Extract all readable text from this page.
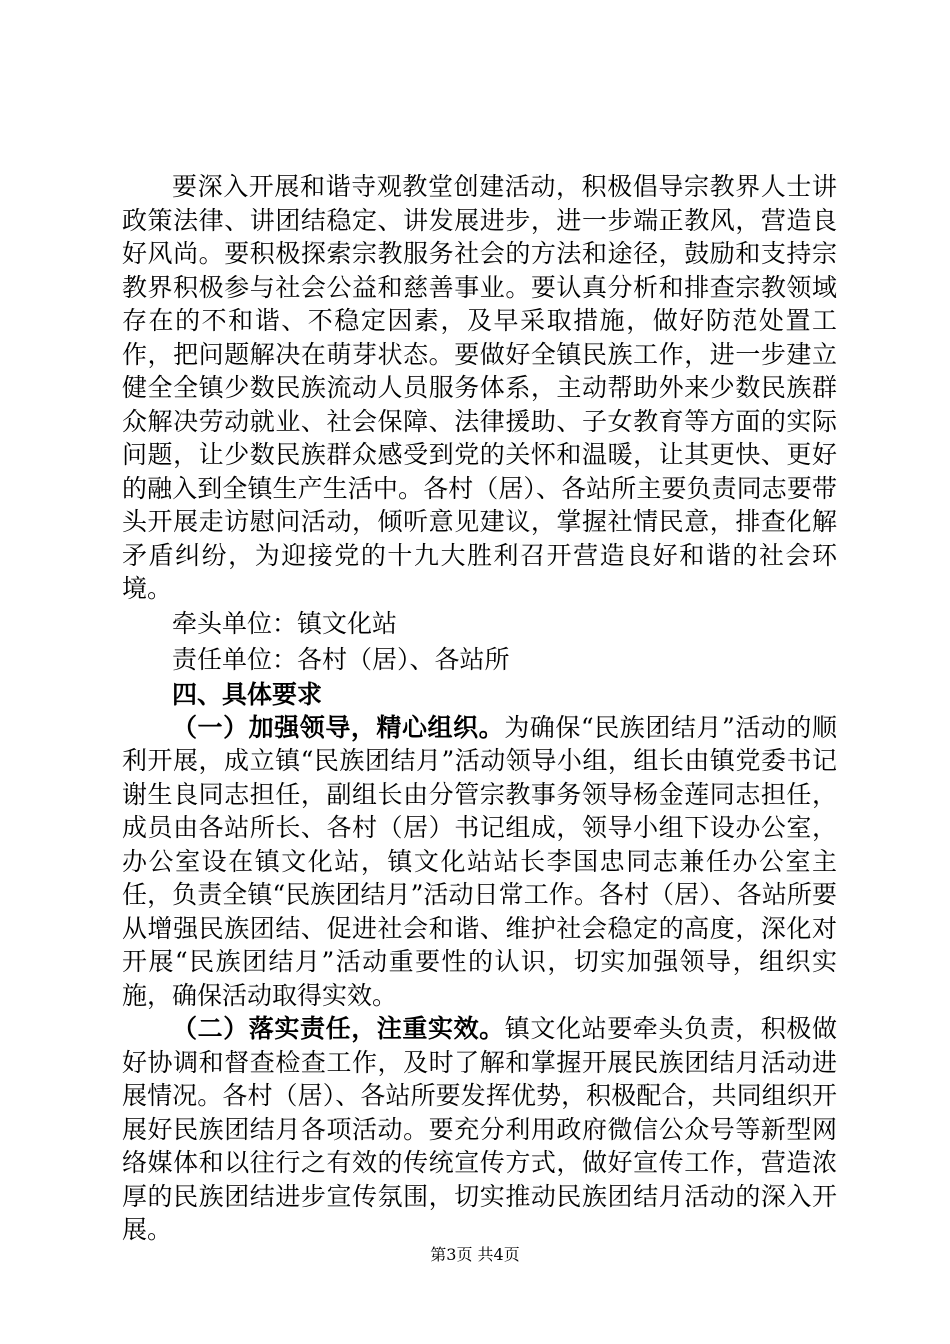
要深入开展和谐寺观教堂创建活动，积极倡导宗教界人士讲政策法律、讲团结稳定、讲发展进步，进一步端正教风，营造良好风尚。要积极探索宗教服务社会的方法和途径，鼓励和支持宗教界积极参与社会公益和慈善事业。要认真分析和排查宗教领域存在的不和谐、不稳定因素，及早采取措施，做好防范处置工作，把问题解决在萌芽状态。要做好全镇民族工作，进一步建立健全全镇少数民族流动人员服务体系，主动帮助外来少数民族群众解决劳动就业、社会保障、法律援助、子女教育等方面的实际问题，让少数民族群众感受到党的关怀和温暖，让其更快、更好的融入到全镇生产生活中。各村（居）、各站所主要负责同志要带头开展走访慰问活动，倾听意见建议，掌握社情民意，排查化解矛盾纠纷，为迎接党的十九大胜利召开营造良好和谐的社会环境。

牵头单位：镇文化站

责任单位：各村（居）、各站所

四、具体要求

（一）加强领导，精心组织。为确保“民族团结月”活动的顺利开展，成立镇“民族团结月”活动领导小组，组长由镇党委书记谢生良同志担任，副组长由分管宗教事务领导杨金莲同志担任，成员由各站所长、各村（居）书记组成，领导小组下设办公室，办公室设在镇文化站，镇文化站站长李国忠同志兼任办公室主任，负责全镇“民族团结月”活动日常工作。各村（居）、各站所要从增强民族团结、促进社会和谐、维护社会稳定的高度，深化对开展“民族团结月”活动重要性的认识，切实加强领导，组织实施，确保活动取得实效。

（二）落实责任，注重实效。镇文化站要牵头负责，积极做好协调和督查检查工作，及时了解和掌握开展民族团结月活动进展情况。各村（居）、各站所要发挥优势，积极配合，共同组织开展好民族团结月各项活动。要充分利用政府微信公众号等新型网络媒体和以往行之有效的传统宣传方式，做好宣传工作，营造浓厚的民族团结进步宣传氛围，切实推动民族团结月活动的深入开展。

第3页 共4页
